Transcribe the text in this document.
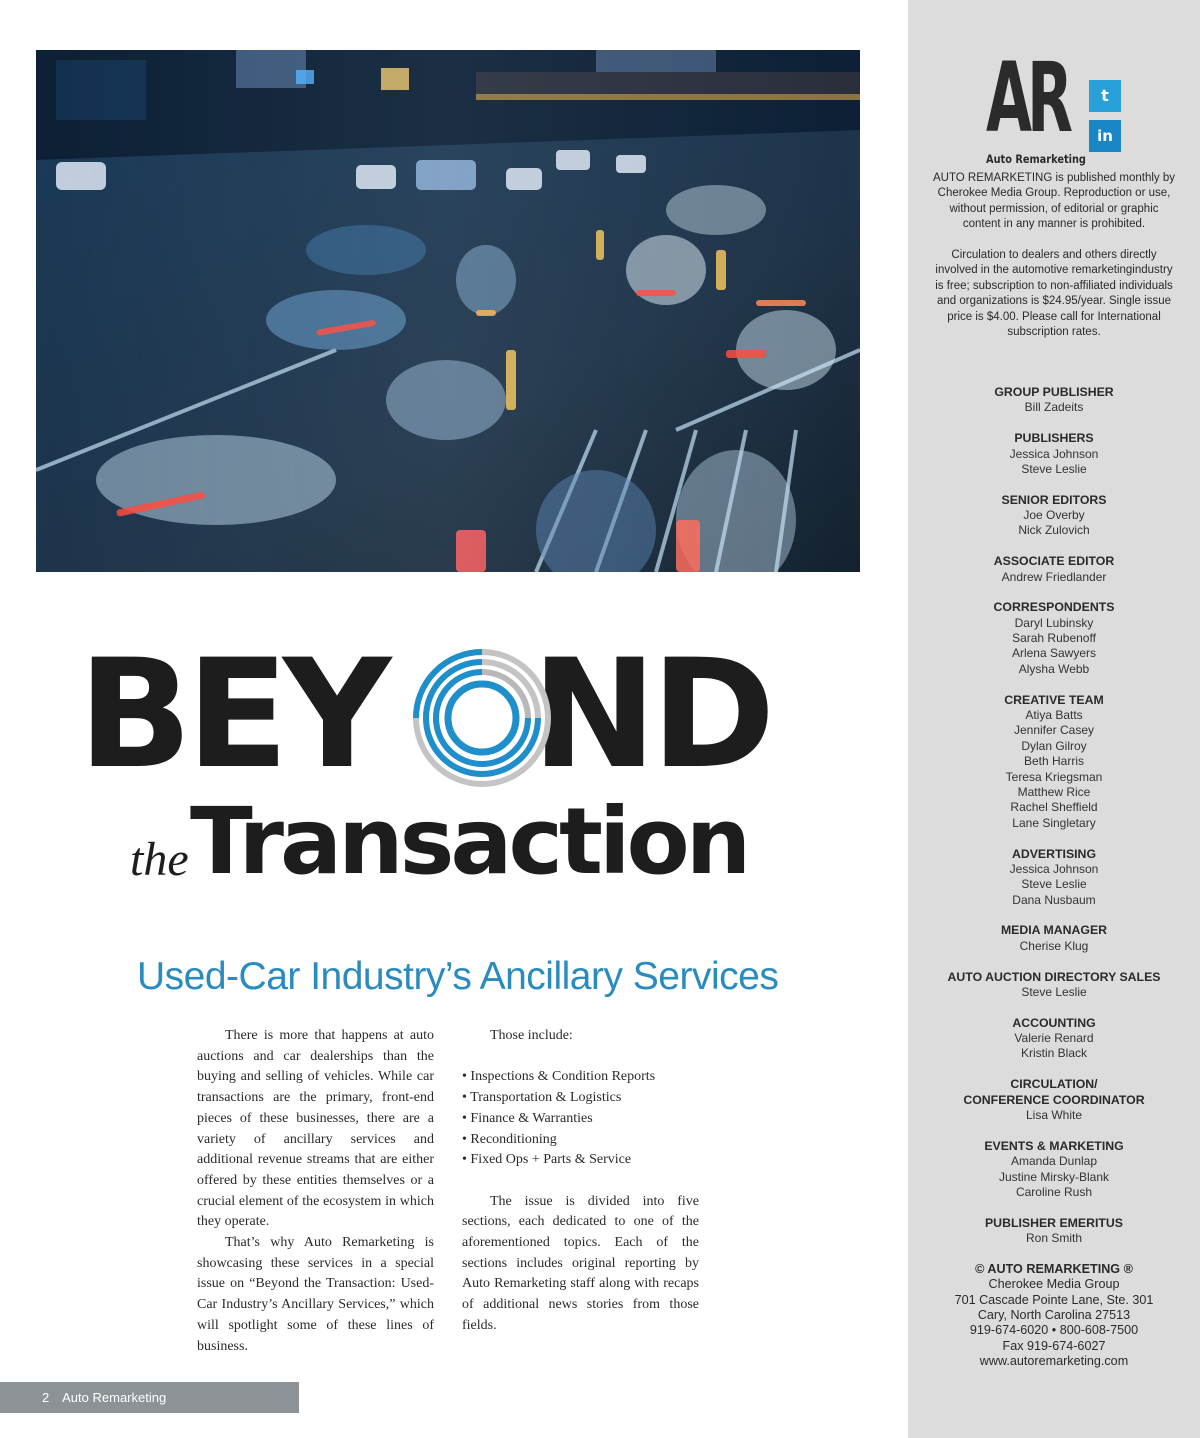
BEY ND
the Transaction
Used-Car Industry’s Ancillary Services

There is more that happens at auto auctions and car dealerships than the buying and selling of vehicles. While car transactions are the primary, front-end pieces of these businesses, there are a variety of ancillary services and additional revenue streams that are either offered by these entities themselves or a crucial element of the ecosystem in which they operate.

That’s why Auto Remarketing is showcasing these services in a special issue on “Beyond the Transaction: Used-Car Industry’s Ancillary Services,” which will spotlight some of these lines of business.

Those include:

• Inspections & Condition Reports
• Transportation & Logistics
• Finance & Warranties
• Reconditioning
• Fixed Ops + Parts & Service

The issue is divided into five sections, each dedicated to one of the aforementioned topics. Each of the sections includes original reporting by Auto Remarketing staff along with recaps of additional news stories from those fields.

2 Auto Remarketing
AR
Auto Remarketing
t
in

AUTO REMARKETING is published monthly by Cherokee Media Group. Reproduction or use, without permission, of editorial or graphic content in any manner is prohibited.

Circulation to dealers and others directly involved in the automotive remarketingindustry is free; subscription to non-affiliated individuals and organizations is $24.95/year. Single issue price is $4.00. Please call for International subscription rates.

GROUP PUBLISHER
Bill Zadeits
PUBLISHERS
Jessica Johnson
Steve Leslie
SENIOR EDITORS
Joe Overby
Nick Zulovich
ASSOCIATE EDITOR
Andrew Friedlander
CORRESPONDENTS
Daryl Lubinsky
Sarah Rubenoff
Arlena Sawyers
Alysha Webb
CREATIVE TEAM
Atiya Batts
Jennifer Casey
Dylan Gilroy
Beth Harris
Teresa Kriegsman
Matthew Rice
Rachel Sheffield
Lane Singletary
ADVERTISING
Jessica Johnson
Steve Leslie
Dana Nusbaum
MEDIA MANAGER
Cherise Klug
AUTO AUCTION DIRECTORY SALES
Steve Leslie
ACCOUNTING
Valerie Renard
Kristin Black
CIRCULATION/
CONFERENCE COORDINATOR
Lisa White
EVENTS & MARKETING
Amanda Dunlap
Justine Mirsky-Blank
Caroline Rush
PUBLISHER EMERITUS
Ron Smith
© AUTO REMARKETING ®
Cherokee Media Group
701 Cascade Pointe Lane, Ste. 301
Cary, North Carolina 27513
919-674-6020 • 800-608-7500
Fax 919-674-6027
www.autoremarketing.com
